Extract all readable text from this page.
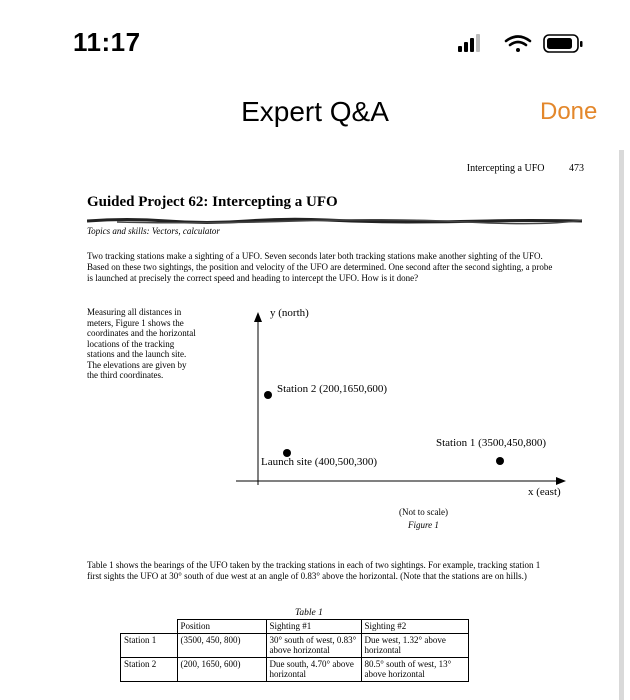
11:17
Expert Q&A	Done
Intercepting a UFO 473
Guided Project 62: Intercepting a UFO
Topics and skills: Vectors, calculator
Two tracking stations make a sighting of a UFO. Seven seconds later both tracking stations make another sighting of the UFO. Based on these two sightings, the position and velocity of the UFO are determined. One second after the second sighting, a probe is launched at precisely the correct speed and heading to intercept the UFO. How is it done?
Measuring all distances in meters, Figure 1 shows the coordinates and the horizontal locations of the tracking stations and the launch site. The elevations are given by the third coordinates.
y (north)
x (east)
Station 2 (200,1650,600)
Station 1 (3500,450,800)
Launch site (400,500,300)
(Not to scale)
Figure 1
Table 1 shows the bearings of the UFO taken by the tracking stations in each of two sightings. For example, tracking station 1 first sights the UFO at 30° south of due west at an angle of 0.83° above the horizontal. (Note that the stations are on hills.)
Table 1
	Position	Sighting #1	Sighting #2
Station 1	(3500, 450, 800)	30° south of west, 0.83° above horizontal	Due west, 1.32° above horizontal
Station 2	(200, 1650, 600)	Due south, 4.70° above horizontal	80.5° south of west, 13° above horizontal
